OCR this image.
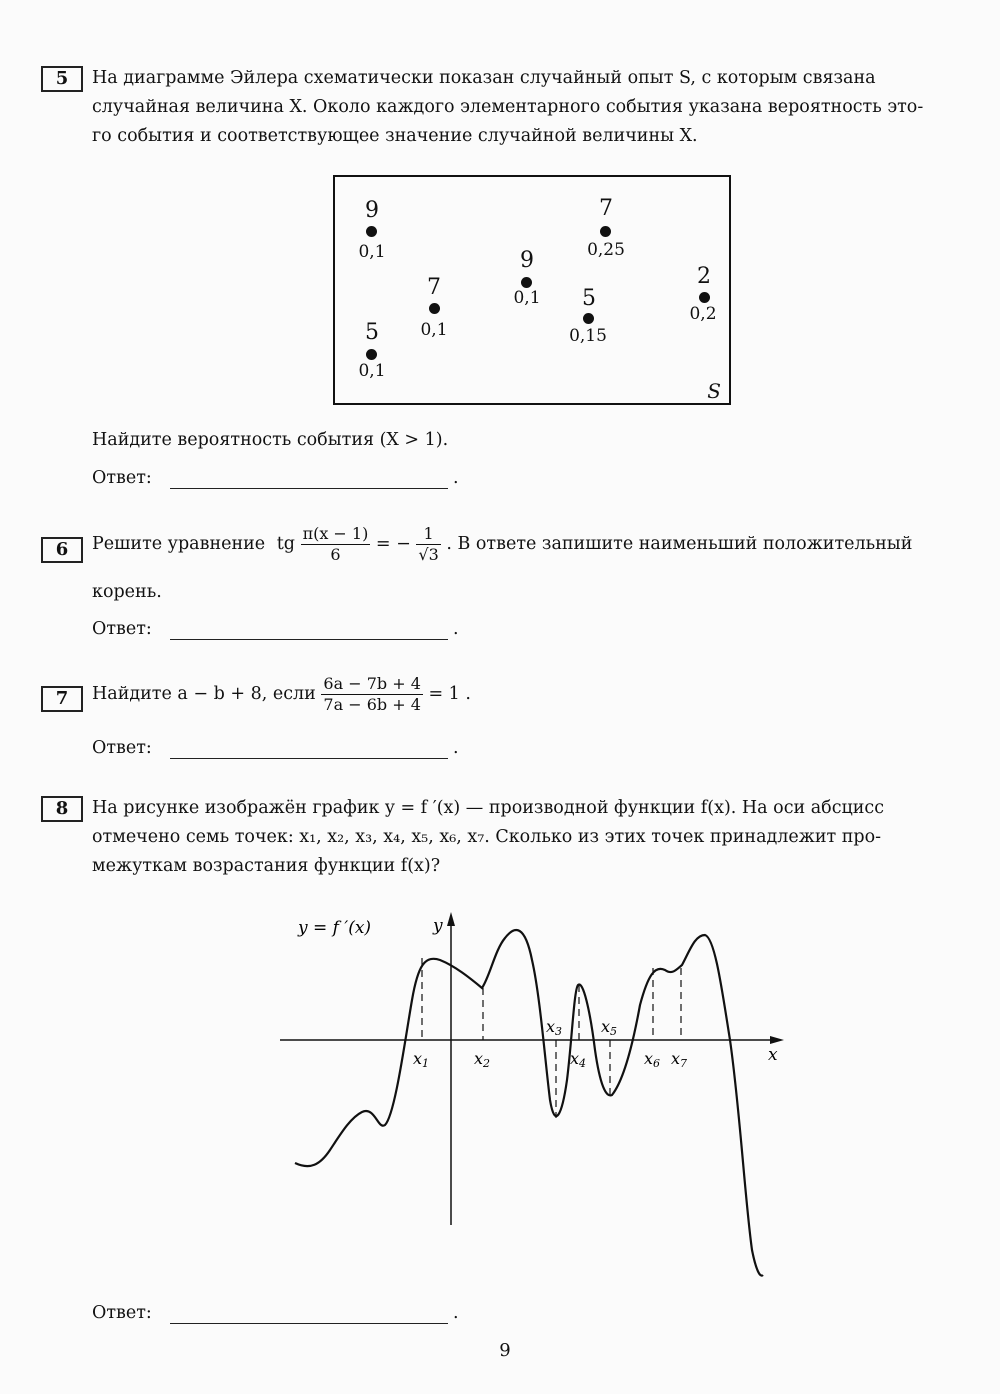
5	На диаграмме Эйлера схематически показан случайный опыт S, с которым связана
случайная величина X. Около каждого элементарного события указана вероятность это-
го события и соответствующее значение случайной величины X.
S
9
0,1
5
0,1
7
0,1
9
0,1
7
0,25
5
0,15
2
0,2
Найдите вероятность события (X > 1).
Ответ:	.
6	Решите уравнение tg $\frac{\pi(x - 1)}{6}$ = − $\frac{1}{√3}$ . В ответе запишите наименьший положительный
корень.
Ответ:	.
7	Найдите a − b + 8, если $\frac{6a - 7b + 4}{7a - 6b + 4} = 1$ .
Ответ:	.
8	На рисунке изображён график y = f ′(x) — производной функции f(x). На оси абсцисс
отмечено семь точек: x₁, x₂, x₃, x₄, x₅, x₆, x₇. Сколько из этих точек принадлежит про-
межуткам возрастания функции f(x)?
y = f ′(x)	y
x
x1	x2
x3
x4
x5
x6 x7
Ответ:	.
9
